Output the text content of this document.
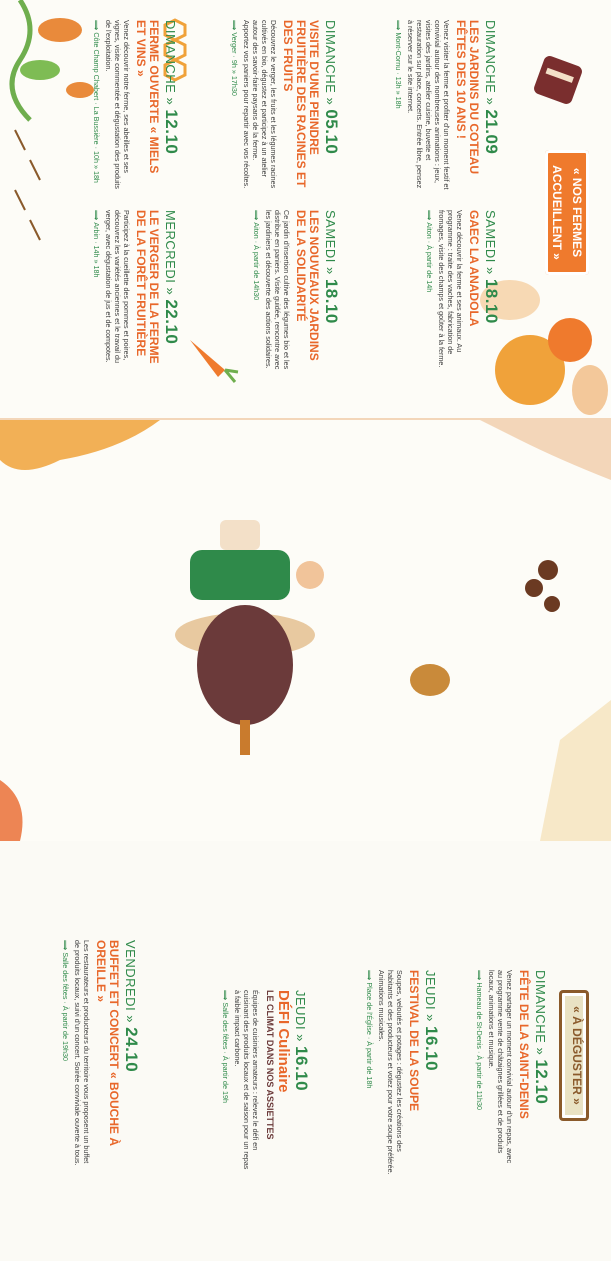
« NOS FERMES ACCUEILLENT »
DIMANCHE » 21.09
LES JARDINS DU COTEAU FÊTES DES 10 ANS !
Venez visiter la ferme et profiter d'un moment festif et convivial autour des nombreuses animations : jeux, visites des jardins, atelier cuisine, buvette et restauration sur place, concerts. Entrée libre, pensez à réserver sur le site internet.
⟹ Mont-Cornu · 13h » 18h
SAMEDI » 18.10
GAEC LA ANADOLA
Venez découvrir la ferme et ses animaux. Au programme : traite des vaches, fabrication de fromages, visite des champs et goûter à la ferme.
⟹ Aiton · À partir de 14h
DIMANCHE » 05.10
VISITE D'UNE PEINDRE FRUITIÈRE DES RACINES ET DES FRUITS
Découvrez le verger, les fruits et les légumes racines cultivés en bio, dégustez et participez à un atelier autour des savoir-faire paysans de la ferme. Apportez vos paniers pour repartir avec vos récoltes.
⟹ Verger · 9h » 17h30
SAMEDI » 18.10
LES NOUVEAUX JARDINS DE LA SOLIDARITÉ
Ce jardin d'insertion cultive des légumes bio et les distribue en paniers. Visite guidée, rencontre avec les jardiniers et découverte des actions solidaires.
⟹ Aiton · À partir de 14h30
DIMANCHE » 12.10
FERME OUVERTE « MIELS ET VINS »
Venez découvrir notre ferme, ses abeilles et ses vignes, visite commentée et dégustation des produits de l'exploitation.
⟹ Côte Champ Chabert · La Bussière · 10h » 18h
MERCREDI » 22.10
LE VERGER DE LA FERME DE LA FORÊT FRUITIÈRE
Participez à la cueillette des pommes et poires, découvrez les variétés anciennes et le travail du verger, avec dégustation de jus et de compotes.
⟹ Arbin · 14h » 18h
« À DÉGUSTER »
DIMANCHE » 12.10
FÊTE DE LA SAINT-DENIS
Venez partager un moment convivial autour d'un repas, avec au programme vente de châtaignes grillées et de produits locaux, animations et musique.
⟹ Hameau de St-Denis · À partir de 11h30
JEUDI » 16.10
FESTIVAL DE LA SOUPE
Soupes, veloutés et potages : dégustez les créations des habitants et des producteurs et votez pour votre soupe préférée. Animations musicales.
⟹ Place de l'Église · À partir de 18h
JEUDI » 16.10
DÉFI Culinaire
LE CLIMAT DANS NOS ASSIETTES
Équipes de cuisiniers amateurs : relevez le défi en cuisinant des produits locaux et de saison pour un repas à faible impact carbone.
⟹ Salle des fêtes · À partir de 19h
VENDREDI » 24.10
BUFFET ET CONCERT « BOUCHE À OREILLE »
Les restaurateurs et producteurs du territoire vous proposent un buffet de produits locaux, suivi d'un concert. Soirée conviviale ouverte à tous.
⟹ Salle des fêtes · À partir de 19h30
